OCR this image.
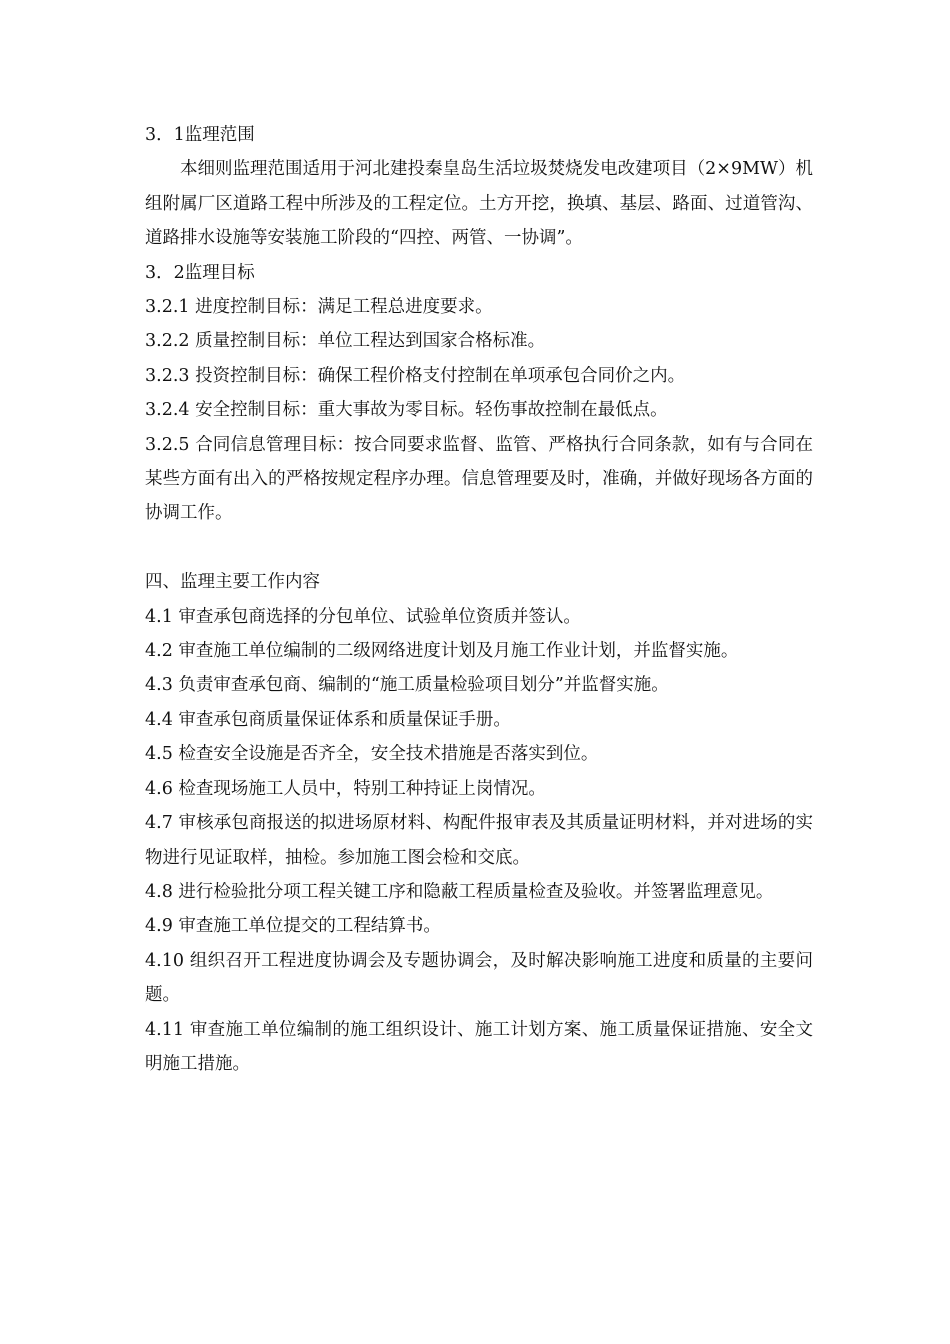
3．1监理范围
本细则监理范围适用于河北建投秦皇岛生活垃圾焚烧发电改建项目（2×9MW）机组附属厂区道路工程中所涉及的工程定位。土方开挖，换填、基层、路面、过道管沟、道路排水设施等安装施工阶段的“四控、两管、一协调”。
3．2监理目标
3.2.1 进度控制目标：满足工程总进度要求。
3.2.2 质量控制目标：单位工程达到国家合格标准。
3.2.3 投资控制目标：确保工程价格支付控制在单项承包合同价之内。
3.2.4 安全控制目标：重大事故为零目标。轻伤事故控制在最低点。
3.2.5 合同信息管理目标：按合同要求监督、监管、严格执行合同条款，如有与合同在某些方面有出入的严格按规定程序办理。信息管理要及时，准确，并做好现场各方面的协调工作。
四、监理主要工作内容
4.1 审查承包商选择的分包单位、试验单位资质并签认。
4.2 审查施工单位编制的二级网络进度计划及月施工作业计划，并监督实施。
4.3 负责审查承包商、编制的“施工质量检验项目划分”并监督实施。
4.4 审查承包商质量保证体系和质量保证手册。
4.5 检查安全设施是否齐全，安全技术措施是否落实到位。
4.6 检查现场施工人员中，特别工种持证上岗情况。
4.7 审核承包商报送的拟进场原材料、构配件报审表及其质量证明材料，并对进场的实物进行见证取样，抽检。参加施工图会检和交底。
4.8 进行检验批分项工程关键工序和隐蔽工程质量检查及验收。并签署监理意见。
4.9 审查施工单位提交的工程结算书。
4.10 组织召开工程进度协调会及专题协调会，及时解决影响施工进度和质量的主要问题。
4.11 审查施工单位编制的施工组织设计、施工计划方案、施工质量保证措施、安全文明施工措施。
